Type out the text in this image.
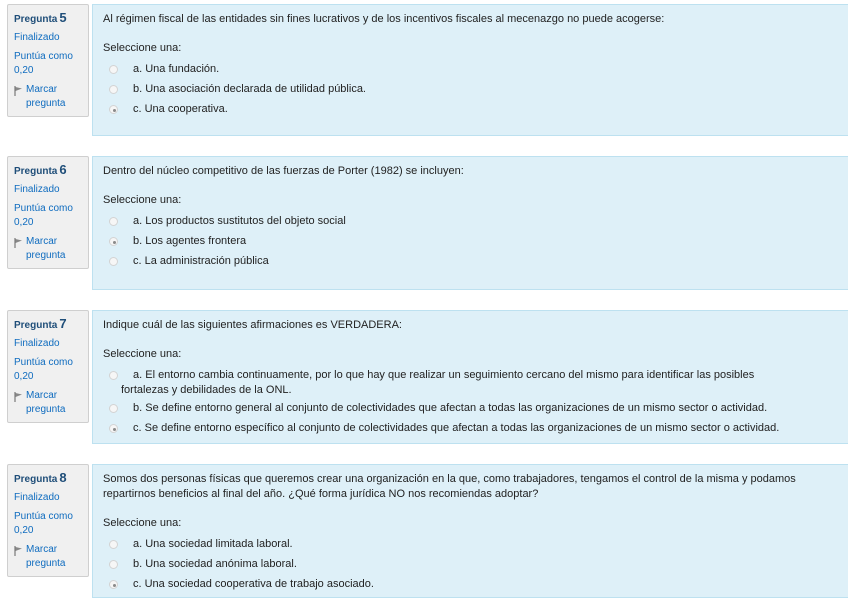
Pregunta 5
Finalizado
Puntúa como
0,20
Marcar pregunta
Al régimen fiscal de las entidades sin fines lucrativos y de los incentivos fiscales al mecenazgo no puede acogerse:
Seleccione una:
a. Una fundación.
b. Una asociación declarada de utilidad pública.
c. Una cooperativa.
Pregunta 6
Finalizado
Puntúa como
0,20
Marcar pregunta
Dentro del núcleo competitivo de las fuerzas de Porter (1982) se incluyen:
Seleccione una:
a. Los productos sustitutos del objeto social
b. Los agentes frontera
c. La administración pública
Pregunta 7
Finalizado
Puntúa como
0,20
Marcar pregunta
Indique cuál de las siguientes afirmaciones es VERDADERA:
Seleccione una:
a. El entorno cambia continuamente, por lo que hay que realizar un seguimiento cercano del mismo para identificar las posibles fortalezas y debilidades de la ONL.
b. Se define entorno general al conjunto de colectividades que afectan a todas las organizaciones de un mismo sector o actividad.
c. Se define entorno específico al conjunto de colectividades que afectan a todas las organizaciones de un mismo sector o actividad.
Pregunta 8
Finalizado
Puntúa como
0,20
Marcar pregunta
Somos dos personas físicas que queremos crear una organización en la que, como trabajadores, tengamos el control de la misma y podamos repartirnos beneficios al final del año. ¿Qué forma jurídica NO nos recomiendas adoptar?
Seleccione una:
a. Una sociedad limitada laboral.
b. Una sociedad anónima laboral.
c. Una sociedad cooperativa de trabajo asociado.
